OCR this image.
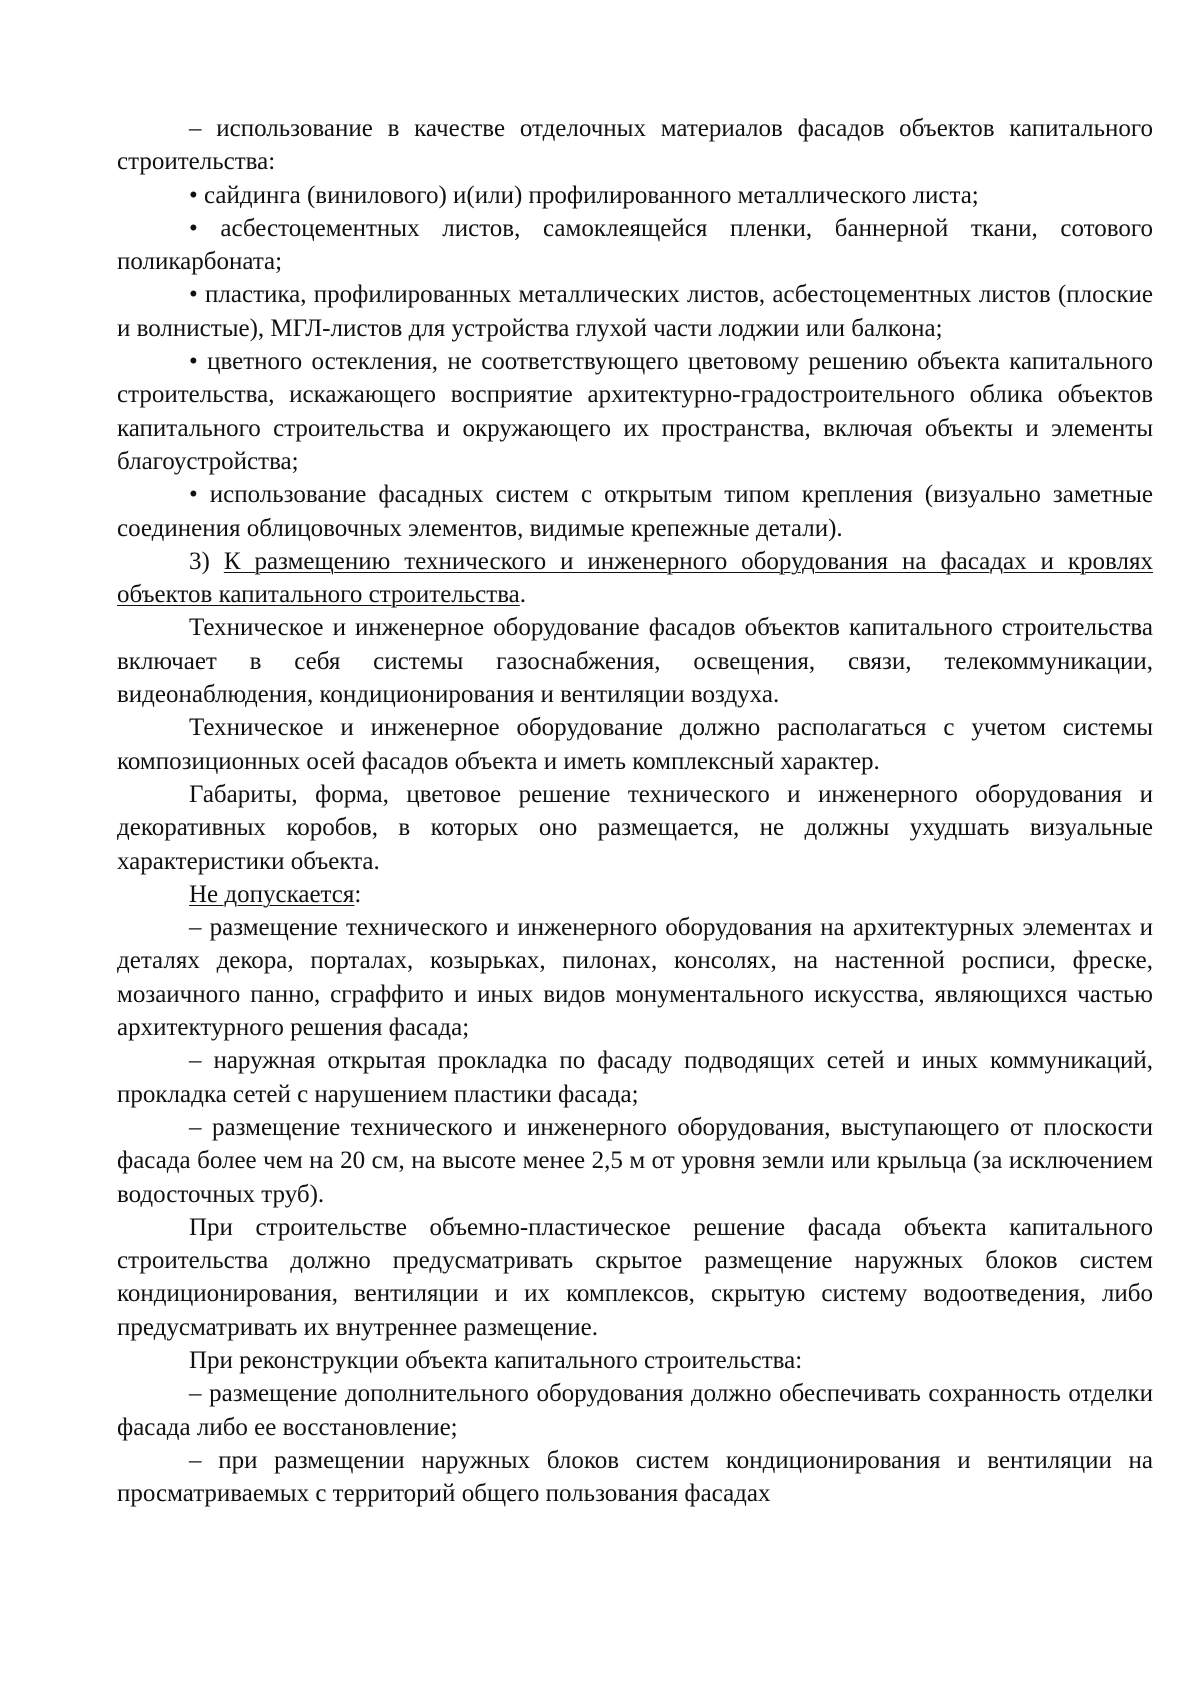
– использование в качестве отделочных материалов фасадов объектов капитального строительства:

• сайдинга (винилового) и(или) профилированного металлического листа;

• асбестоцементных листов, самоклеящейся пленки, баннерной ткани, сотового поликарбоната;

• пластика, профилированных металлических листов, асбестоцементных листов (плоские и волнистые), МГЛ-листов для устройства глухой части лоджии или балкона;

• цветного остекления, не соответствующего цветовому решению объекта капитального строительства, искажающего восприятие архитектурно-градостроительного облика объектов капитального строительства и окружающего их пространства, включая объекты и элементы благоустройства;

• использование фасадных систем с открытым типом крепления (визуально заметные соединения облицовочных элементов, видимые крепежные детали).

3) К размещению технического и инженерного оборудования на фасадах и кровлях объектов капитального строительства.

Техническое и инженерное оборудование фасадов объектов капитального строительства включает в себя системы газоснабжения, освещения, связи, телекоммуникации, видеонаблюдения, кондиционирования и вентиляции воздуха.

Техническое и инженерное оборудование должно располагаться с учетом системы композиционных осей фасадов объекта и иметь комплексный характер.

Габариты, форма, цветовое решение технического и инженерного оборудования и декоративных коробов, в которых оно размещается, не должны ухудшать визуальные характеристики объекта.

Не допускается:

– размещение технического и инженерного оборудования на архитектурных элементах и деталях декора, порталах, козырьках, пилонах, консолях, на настенной росписи, фреске, мозаичного панно, сграффито и иных видов монументального искусства, являющихся частью архитектурного решения фасада;

– наружная открытая прокладка по фасаду подводящих сетей и иных коммуникаций, прокладка сетей с нарушением пластики фасада;

– размещение технического и инженерного оборудования, выступающего от плоскости фасада более чем на 20 см, на высоте менее 2,5 м от уровня земли или крыльца (за исключением водосточных труб).

При строительстве объемно-пластическое решение фасада объекта капитального строительства должно предусматривать скрытое размещение наружных блоков систем кондиционирования, вентиляции и их комплексов, скрытую систему водоотведения, либо предусматривать их внутреннее размещение.

При реконструкции объекта капитального строительства:

– размещение дополнительного оборудования должно обеспечивать сохранность отделки фасада либо ее восстановление;

– при размещении наружных блоков систем кондиционирования и вентиляции на просматриваемых с территорий общего пользования фасадах
